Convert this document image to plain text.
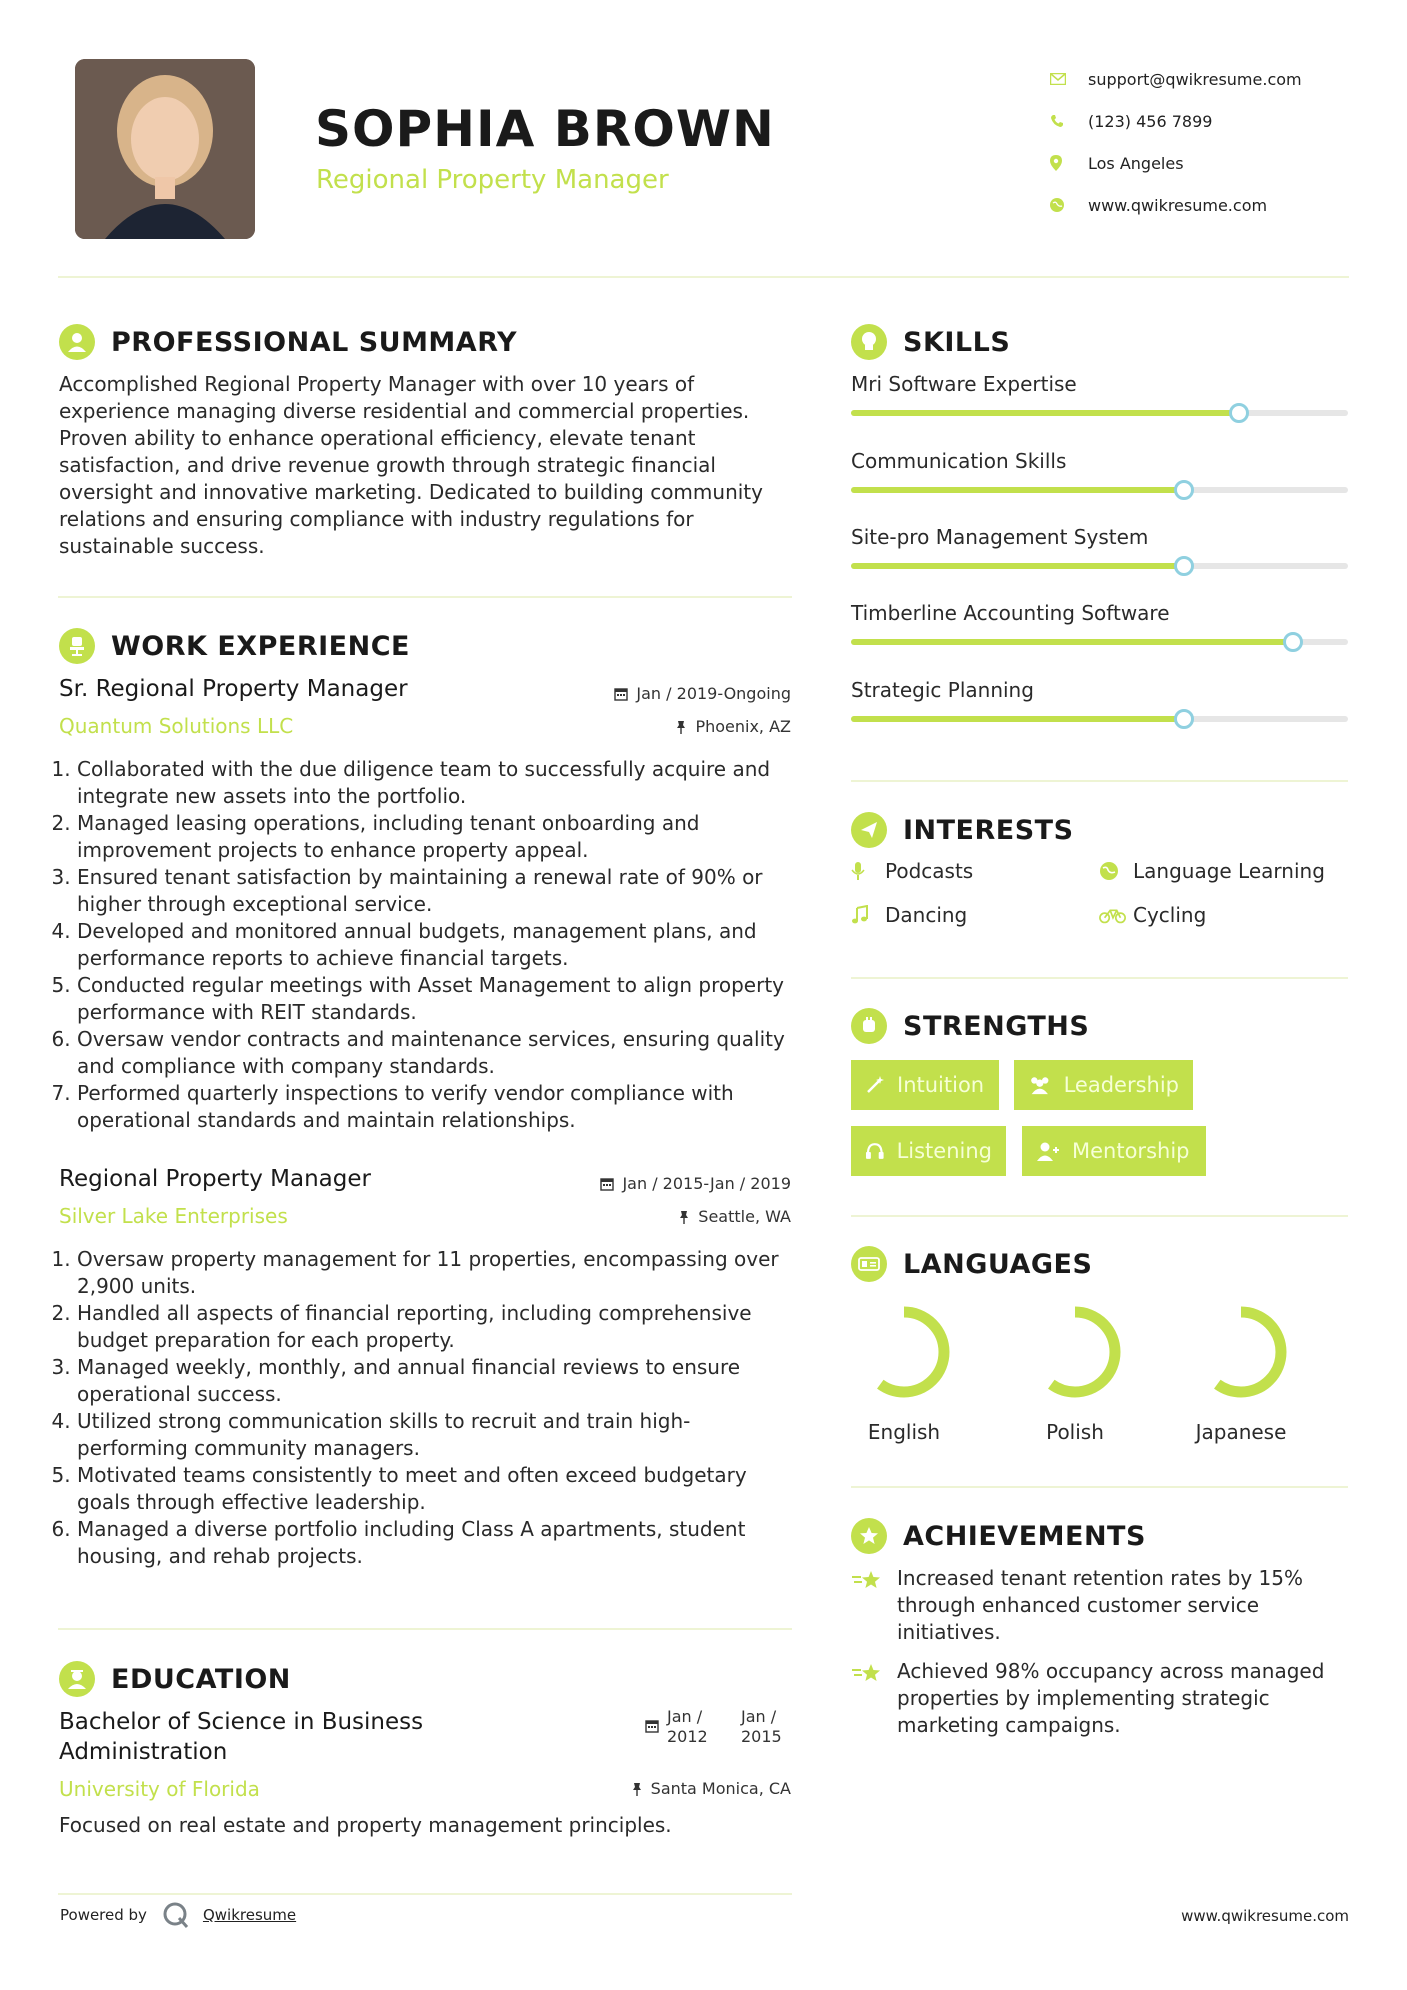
SOPHIA BROWN
Regional Property Manager
support@qwikresume.com
(123) 456 7899
Los Angeles
www.qwikresume.com
PROFESSIONAL SUMMARY
Accomplished Regional Property Manager with over 10 years of experience managing diverse residential and commercial properties. Proven ability to enhance operational efficiency, elevate tenant satisfaction, and drive revenue growth through strategic financial oversight and innovative marketing. Dedicated to building community relations and ensuring compliance with industry regulations for sustainable success.
WORK EXPERIENCE
Sr. Regional Property Manager	Jan / 2019-Ongoing
Quantum Solutions LLC	Phoenix, AZ
1. Collaborated with the due diligence team to successfully acquire and integrate new assets into the portfolio.
2. Managed leasing operations, including tenant onboarding and improvement projects to enhance property appeal.
3. Ensured tenant satisfaction by maintaining a renewal rate of 90% or higher through exceptional service.
4. Developed and monitored annual budgets, management plans, and performance reports to achieve financial targets.
5. Conducted regular meetings with Asset Management to align property performance with REIT standards.
6. Oversaw vendor contracts and maintenance services, ensuring quality and compliance with company standards.
7. Performed quarterly inspections to verify vendor compliance with operational standards and maintain relationships.
Regional Property Manager	Jan / 2015-Jan / 2019
Silver Lake Enterprises	Seattle, WA
1. Oversaw property management for 11 properties, encompassing over 2,900 units.
2. Handled all aspects of financial reporting, including comprehensive budget preparation for each property.
3. Managed weekly, monthly, and annual financial reviews to ensure operational success.
4. Utilized strong communication skills to recruit and train high-performing community managers.
5. Motivated teams consistently to meet and often exceed budgetary goals through effective leadership.
6. Managed a diverse portfolio including Class A apartments, student housing, and rehab projects.
EDUCATION
Bachelor of Science in Business Administration
Jan / 2012
Jan / 2015
University of Florida	Santa Monica, CA
Focused on real estate and property management principles.
SKILLS
Mri Software Expertise
Communication Skills
Site-pro Management System
Timberline Accounting Software
Strategic Planning
INTERESTS
Podcasts	Language Learning
Dancing	Cycling
STRENGTHS
Intuition	Leadership
Listening	Mentorship
LANGUAGES
English	Polish	Japanese
ACHIEVEMENTS
Increased tenant retention rates by 15% through enhanced customer service initiatives.
Achieved 98% occupancy across managed properties by implementing strategic marketing campaigns.
Powered by	Qwikresume	www.qwikresume.com
